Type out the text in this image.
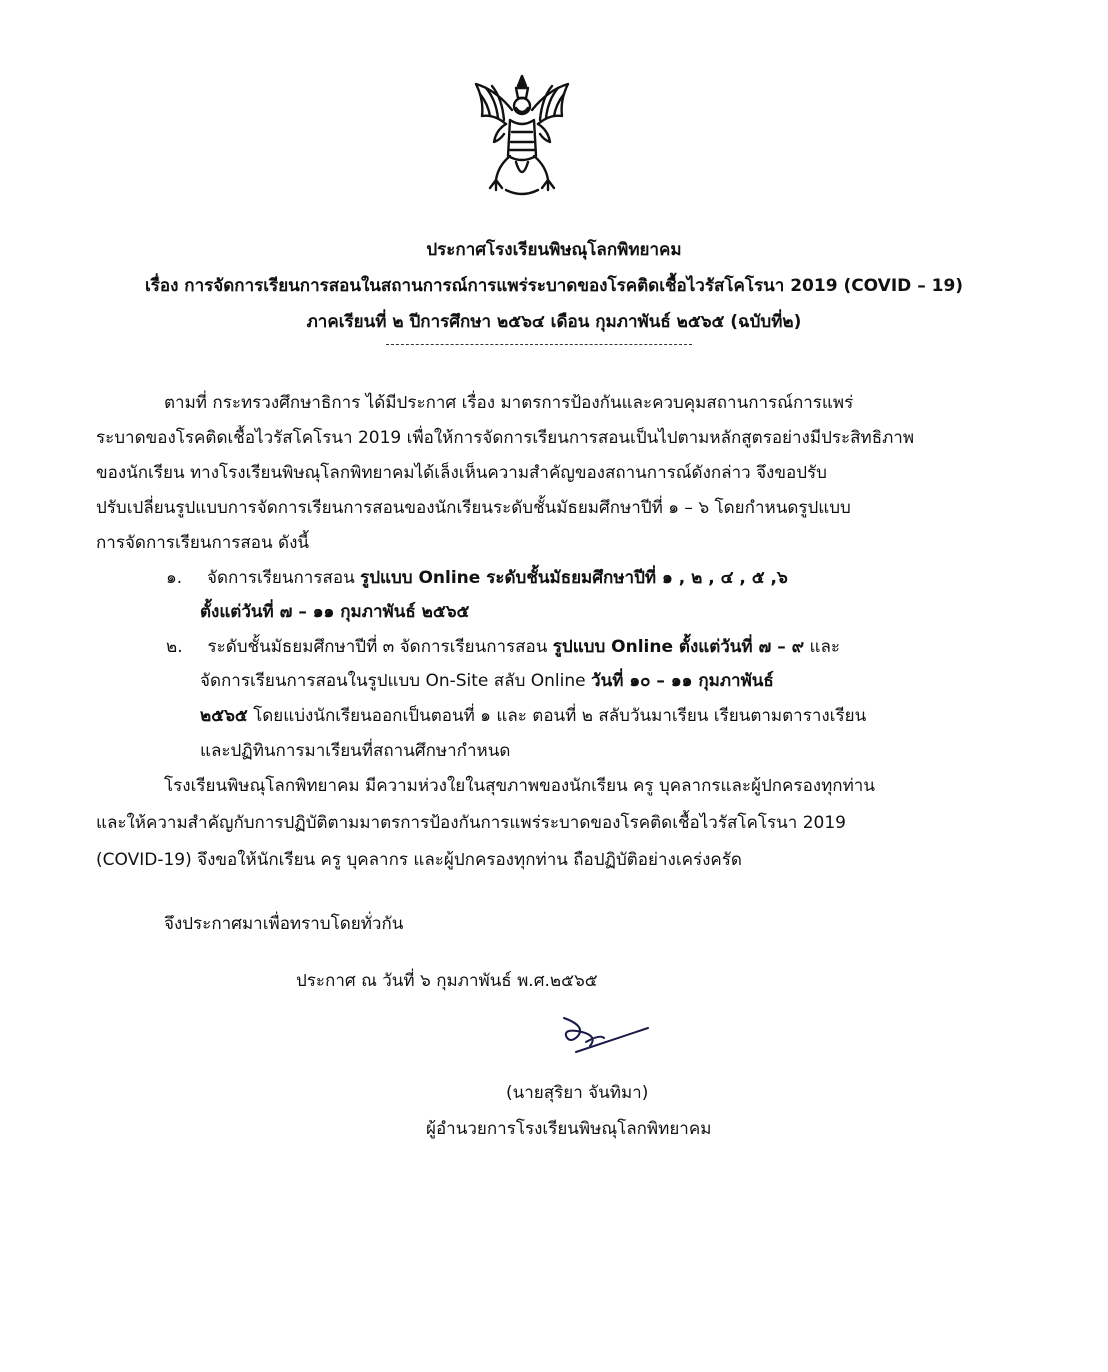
ประกาศโรงเรียนพิษณุโลกพิทยาคม
เรื่อง การจัดการเรียนการสอนในสถานการณ์การแพร่ระบาดของโรคติดเชื้อไวรัสโคโรนา 2019 (COVID – 19)
ภาคเรียนที่ ๒ ปีการศึกษา ๒๕๖๔ เดือน กุมภาพันธ์ ๒๕๖๕ (ฉบับที่๒)
ตามที่ กระทรวงศึกษาธิการ ได้มีประกาศ เรื่อง มาตรการป้องกันและควบคุมสถานการณ์การแพร่
ระบาดของโรคติดเชื้อไวรัสโคโรนา 2019 เพื่อให้การจัดการเรียนการสอนเป็นไปตามหลักสูตรอย่างมีประสิทธิภาพ
ของนักเรียน ทางโรงเรียนพิษณุโลกพิทยาคมได้เล็งเห็นความสำคัญของสถานการณ์ดังกล่าว จึงขอปรับ
ปรับเปลี่ยนรูปแบบการจัดการเรียนการสอนของนักเรียนระดับชั้นมัธยมศึกษาปีที่ ๑ – ๖ โดยกำหนดรูปแบบ
การจัดการเรียนการสอน ดังนี้
๑. จัดการเรียนการสอน รูปแบบ Online ระดับชั้นมัธยมศึกษาปีที่ ๑ , ๒ , ๔ , ๕ ,๖
ตั้งแต่วันที่ ๗ – ๑๑ กุมภาพันธ์ ๒๕๖๕
๒. ระดับชั้นมัธยมศึกษาปีที่ ๓ จัดการเรียนการสอน รูปแบบ Online ตั้งแต่วันที่ ๗ – ๙ และ
จัดการเรียนการสอนในรูปแบบ On-Site สลับ Online วันที่ ๑๐ – ๑๑ กุมภาพันธ์
๒๕๖๕ โดยแบ่งนักเรียนออกเป็นตอนที่ ๑ และ ตอนที่ ๒ สลับวันมาเรียน เรียนตามตารางเรียน
และปฏิทินการมาเรียนที่สถานศึกษากำหนด
โรงเรียนพิษณุโลกพิทยาคม มีความห่วงใยในสุขภาพของนักเรียน ครู บุคลากรและผู้ปกครองทุกท่าน
และให้ความสำคัญกับการปฏิบัติตามมาตรการป้องกันการแพร่ระบาดของโรคติดเชื้อไวรัสโคโรนา 2019
(COVID-19) จึงขอให้นักเรียน ครู บุคลากร และผู้ปกครองทุกท่าน ถือปฏิบัติอย่างเคร่งครัด
จึงประกาศมาเพื่อทราบโดยทั่วกัน
ประกาศ ณ วันที่ ๖ กุมภาพันธ์ พ.ศ.๒๕๖๕
(นายสุริยา จันทิมา)
ผู้อำนวยการโรงเรียนพิษณุโลกพิทยาคม
